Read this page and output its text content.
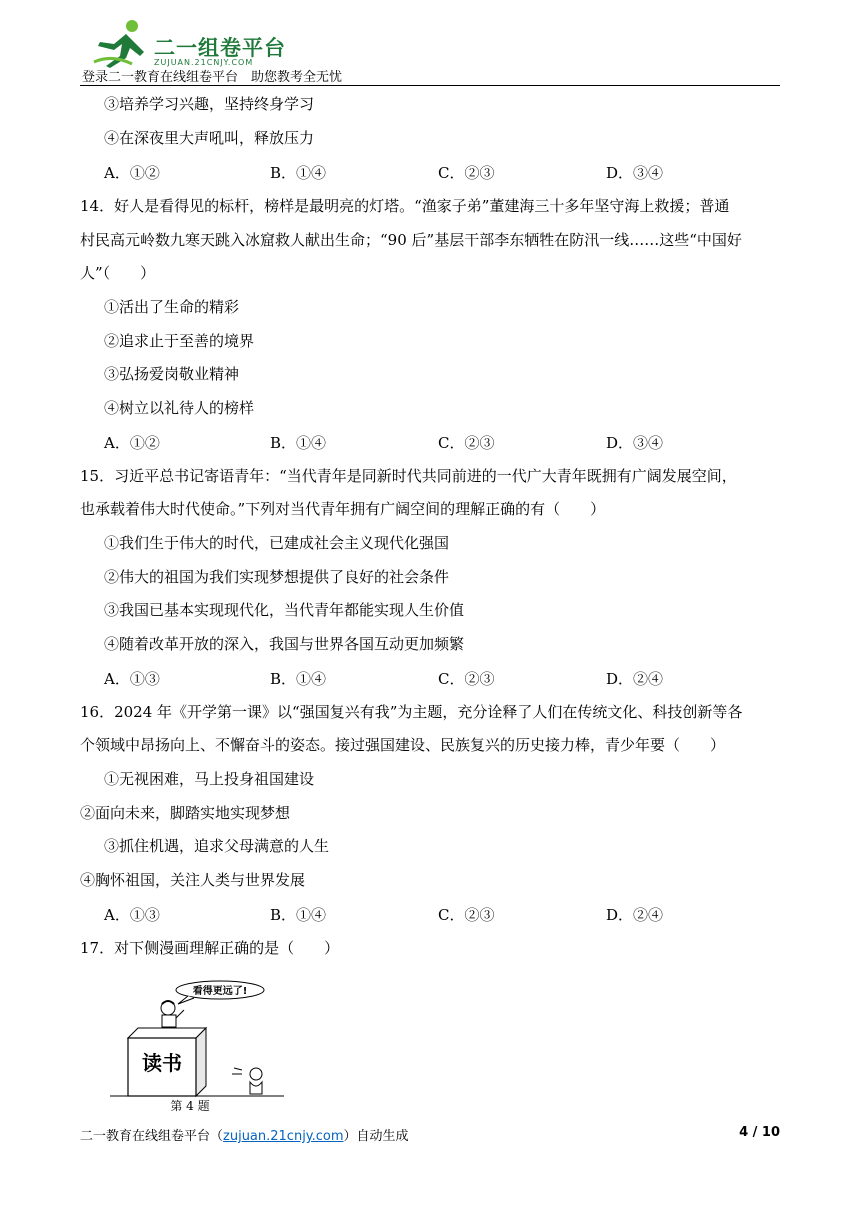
二一组卷平台
ZUJUAN.21CNJY.COM
登录二一教育在线组卷平台　助您教考全无忧
③培养学习兴趣，坚持终身学习
④在深夜里大声吼叫，释放压力
A．①②	B．①④	C．②③	D．③④
14．好人是看得见的标杆，榜样是最明亮的灯塔。“渔家子弟”董建海三十多年坚守海上救援；普通
村民高元岭数九寒天跳入冰窟救人献出生命；“90 后”基层干部李东牺牲在防汛一线……这些“中国好
人”（　　）
①活出了生命的精彩
②追求止于至善的境界
③弘扬爱岗敬业精神
④树立以礼待人的榜样
A．①②	B．①④	C．②③	D．③④
15．习近平总书记寄语青年：“当代青年是同新时代共同前进的一代广大青年既拥有广阔发展空间，
也承载着伟大时代使命。”下列对当代青年拥有广阔空间的理解正确的有（　　）
①我们生于伟大的时代，已建成社会主义现代化强国
②伟大的祖国为我们实现梦想提供了良好的社会条件
③我国已基本实现现代化，当代青年都能实现人生价值
④随着改革开放的深入，我国与世界各国互动更加频繁
A．①③	B．①④	C．②③	D．②④
16．2024 年《开学第一课》以“强国复兴有我”为主题，充分诠释了人们在传统文化、科技创新等各
个领域中昂扬向上、不懈奋斗的姿态。接过强国建设、民族复兴的历史接力棒，青少年要（　　）
①无视困难，马上投身祖国建设
②面向未来，脚踏实地实现梦想
③抓住机遇，追求父母满意的人生
④胸怀祖国，关注人类与世界发展
A．①③	B．①④	C．②③	D．②④
17．对下侧漫画理解正确的是（　　）
看得更远了!
读书
第 4 题
二一教育在线组卷平台（zujuan.21cnjy.com）自动生成	4 / 10
